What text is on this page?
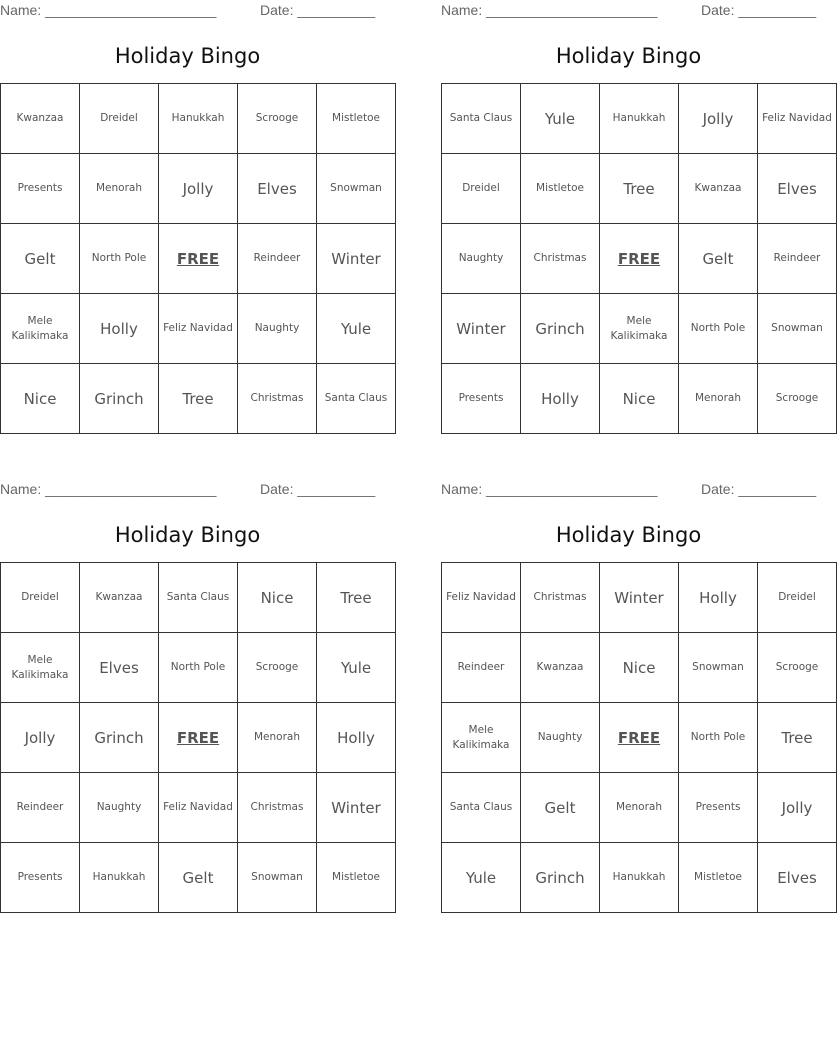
Name: ______________________	Date: __________
Holiday Bingo
Kwanzaa	Dreidel	Hanukkah	Scrooge	Mistletoe
Presents	Menorah	Jolly	Elves	Snowman
Gelt	North Pole	FREE	Reindeer	Winter
Mele Kalikimaka	Holly	Feliz Navidad	Naughty	Yule
Nice	Grinch	Tree	Christmas	Santa Claus
Name: ______________________	Date: __________
Holiday Bingo
Santa Claus	Yule	Hanukkah	Jolly	Feliz Navidad
Dreidel	Mistletoe	Tree	Kwanzaa	Elves
Naughty	Christmas	FREE	Gelt	Reindeer
Winter	Grinch	Mele Kalikimaka	North Pole	Snowman
Presents	Holly	Nice	Menorah	Scrooge
Name: ______________________	Date: __________
Holiday Bingo
Dreidel	Kwanzaa	Santa Claus	Nice	Tree
Mele Kalikimaka	Elves	North Pole	Scrooge	Yule
Jolly	Grinch	FREE	Menorah	Holly
Reindeer	Naughty	Feliz Navidad	Christmas	Winter
Presents	Hanukkah	Gelt	Snowman	Mistletoe
Name: ______________________	Date: __________
Holiday Bingo
Feliz Navidad	Christmas	Winter	Holly	Dreidel
Reindeer	Kwanzaa	Nice	Snowman	Scrooge
Mele Kalikimaka	Naughty	FREE	North Pole	Tree
Santa Claus	Gelt	Menorah	Presents	Jolly
Yule	Grinch	Hanukkah	Mistletoe	Elves
